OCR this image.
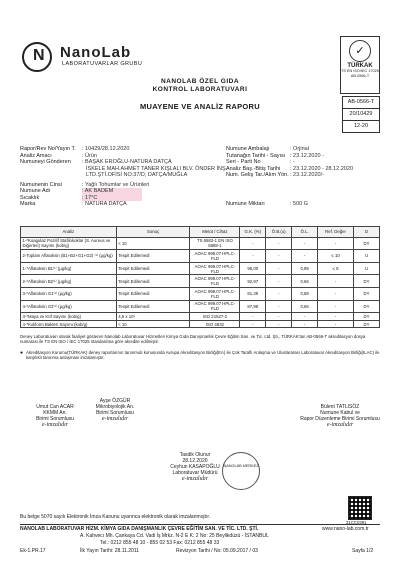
N NanoLab
LABORATUVARLAR GRUBU
✓
TÜRKAK
TS EN ISO/IEC 17025
AB-0566-T
NANOLAB ÖZEL GIDA
KONTROL LABORATUVARI
MUAYENE VE ANALİZ RAPORU	AB-0566-T
20/10429
12-20
Rapor/Rev No/Yayın T.	: 10429/28.12.2020
Analiz Amacı	: Ürün
Numuneyi Gönderen	: BAŞAK EROĞLU-NATURA DATÇA
İSKELE MAH.AHMET TANER KIŞLALI BLV. ÖNDER İNŞ.
LTD.ŞTİ.OFİSİ NO:37/D, DATÇA/MUĞLA
Numunenin Cinsi	: Yağlı Tohumlar ve Ürünleri
Numune Adı	: AK BADEM
Sıcaklık	: 17°C
Marka	: NATURA DATÇA
Numune Ambalajı	: Orjinal
Tutanağın Tarihi - Sayısı : 23.12.2020 -
Seri - Parti No	: -
Analiz Baş.-Bitiş Tarihi	: 23.12.2020 - 28.12.2020
Num. Geliş Tar./Alım Yön. : 23.12.2020/-
Numune Miktarı	: 500 G
Analiz	Sonuç	Metot / Cihaz	G.K. (%)	Ö.B.(±)	Ö.L.	Ref. Değer	D
1-*Koagulaz Pozitif Stafilokoklar (S. Aureus ve Diğerleri) Sayımı (kob/g)	< 10	TS 6582-1 EN ISO 6888-1	-	-	-	-	DY
2-Toplam Aflatoksin (B1+B2+G1+G2) ⁽¹⁾ (μg/kg)	Tespit Edilemedi	AOAC 999.07 HPLC-FLD	-	-	-	≤ 10	U
1-*Aflatoksin B1⁽¹⁾ (μg/kg)	Tespit Edilemedi	AOAC 999.07 HPLC-FLD	96,00	-	0,89	≤ 8	U
2-*Aflatoksin B2⁽¹⁾ (μg/kg)	Tespit Edilemedi	AOAC 999.07 HPLC-FLD	92,97	-	0,66	-	DY
3-*Aflatoksin G1⁽¹⁾ (μg/kg)	Tespit Edilemedi	AOAC 999.07 HPLC-FLD	81,39	-	0,88	-	DY
4-*Aflatoksin G2⁽¹⁾ (μg/kg)	Tespit Edilemedi	AOAC 999.07 HPLC-FLD	87,98	-	0,66	-	DY
3-*Maya ve Küf Sayımı (kob/g)	4,5 x 10¹	ISO 21527-2	-	-	-	-	DY
4-*Koliform Bakteri Sayımı (kob/g)	< 10	ISO 4832	-	-	-	-	DY
Deney Laboratuvarı olarak faaliyet gösteren Nanolab Laboratuvar Hizmetleri Kimya Gıda Danışmanlık Çevre Eğitim San. ve Tic. Ltd. Şti., TÜRKAK'tan AB-0566-T akreditasyon dosya numarası ile TS EN ISO / IEC 17025 standardına göre akredite edilmiştir.
Akreditasyon Kurumu(TÜRKAK) deney raporlarının tanınmıdı konusunda Avrupa Akreditasyon Birliği(EA) ile Çok Taraflı Anlaşma ve Uluslararası Laboratuvar Akreditasyon Birliği(ILAC) ile karşılıklı tanınma anlaşması imzalamıştır.
●
Umut Can ACAR
KKMM An.
Birimi Sorumlusu
e-imzalıdır
Ayşe ÖZGÜR
Mikrobiyolojik An.
Birimi Sorumlusu
e-imzalıdır
Bülent TATLISÖZ
Numune Kabul ve
Rapor Düzenleme Birimi Sorumlusu
e-imzalıdır
Tasdik Olunur
28.12.2020
Ceyhun KASAPOĞLU
Laboratuvar Müdürü
e-imzalıdır
NANOLAB MERKEZ
21CC0391
Bu belge 5070 sayılı Elektronik İmza Kanunu uyarınca elektronik olarak imzalanmıştır.
NANOLAB LABORATUVAR HİZM. KİMYA GIDA DANIŞMANLIK ÇEVRE EĞİTİM SAN. VE TİC. LTD. ŞTİ.	www.nano-lab.com.tr
A. Kahvecı Mh. Çankaya Cd. Vadi İş Mrkz. N-2 E K: 2 No: 25 Beylikdüzü - İSTANBUL
Tel.: 0212 855 48 10 - 855 02 53 Fax: 0212 855 48 33
Ek-1.PR.17	İlk Yayın Tarihi: 28.11.2011	Revizyon Tarihi / No: 05.09.2017 / 03	Sayfa 1/2
